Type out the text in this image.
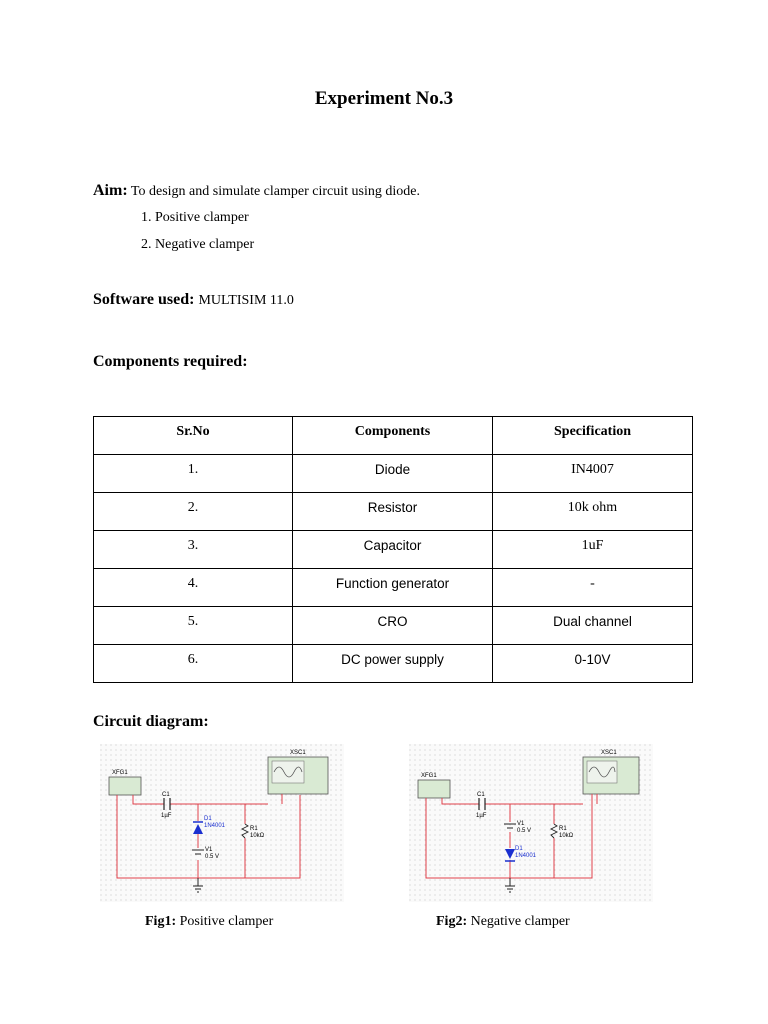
Experiment No.3
Aim: To design and simulate clamper circuit using diode.
1. Positive clamper
2. Negative clamper
Software used: MULTISIM 11.0
Components required:
Sr.No	Components	Specification
1.	Diode	IN4007
2.	Resistor	10k ohm
3.	Capacitor	1uF
4.	Function generator	-
5.	CRO	Dual channel
6.	DC power supply	0-10V
Circuit diagram:
XFG1
XSC1
C1
1µF	D1
1N4001
V1
0.5 V
R1
10kΩ
XFG1
XSC1
C1
1µF
V1
0.5 V
D1
1N4001
R1
10kΩ
Fig1: Positive clamper	Fig2: Negative clamper
